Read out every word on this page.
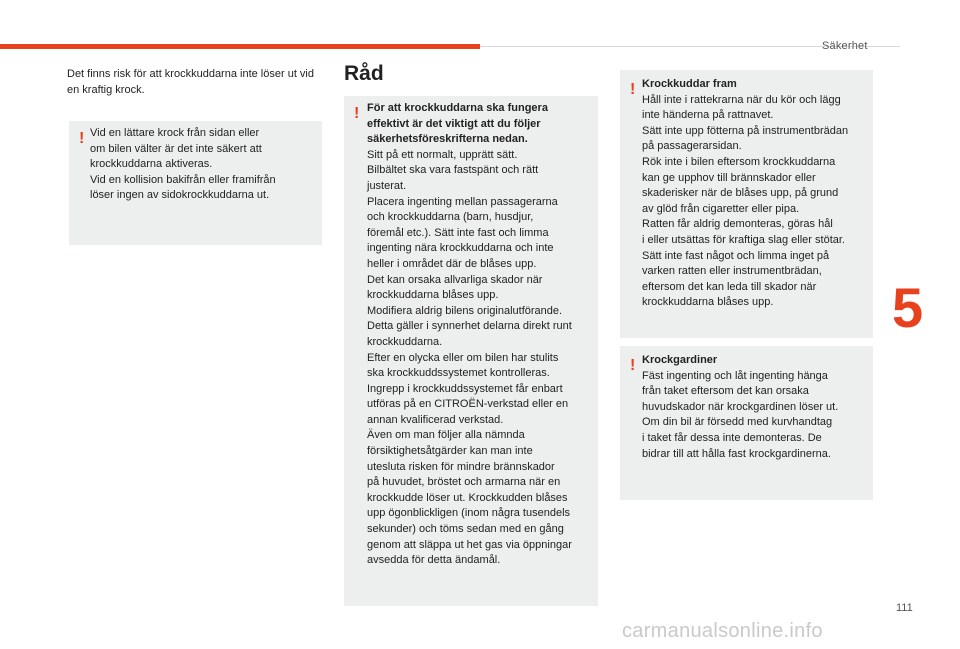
Säkerhet
5
111
carmanualsonline.info
Det finns risk för att krockkuddarna inte löser ut vid en kraftig krock.
! Vid en lättare krock från sidan eller
om bilen välter är det inte säkert att
krockkuddarna aktiveras.
Vid en kollision bakifrån eller framifrån
löser ingen av sidokrockkuddarna ut.
Råd
! För att krockkuddarna ska fungera
effektivt är det viktigt att du följer
säkerhetsföreskrifterna nedan.
Sitt på ett normalt, upprätt sätt.
Bilbältet ska vara fastspänt och rätt
justerat.
Placera ingenting mellan passagerarna
och krockkuddarna (barn, husdjur,
föremål etc.). Sätt inte fast och limma
ingenting nära krockkuddarna och inte
heller i området där de blåses upp.
Det kan orsaka allvarliga skador när
krockkuddarna blåses upp.
Modifiera aldrig bilens originalutförande.
Detta gäller i synnerhet delarna direkt runt
krockkuddarna.
Efter en olycka eller om bilen har stulits
ska krockkuddssystemet kontrolleras.
Ingrepp i krockkuddssystemet får enbart
utföras på en CITROËN-verkstad eller en
annan kvalificerad verkstad.
Även om man följer alla nämnda
försiktighetsåtgärder kan man inte
utesluta risken för mindre brännskador
på huvudet, bröstet och armarna när en
krockkudde löser ut. Krockkudden blåses
upp ögonblickligen (inom några tusendels
sekunder) och töms sedan med en gång
genom att släppa ut het gas via öppningar
avsedda för detta ändamål.
! Krockkuddar fram
Håll inte i rattekrarna när du kör och lägg
inte händerna på rattnavet.
Sätt inte upp fötterna på instrumentbrädan
på passagerarsidan.
Rök inte i bilen eftersom krockkuddarna
kan ge upphov till brännskador eller
skaderisker när de blåses upp, på grund
av glöd från cigaretter eller pipa.
Ratten får aldrig demonteras, göras hål
i eller utsättas för kraftiga slag eller stötar.
Sätt inte fast något och limma inget på
varken ratten eller instrumentbrädan,
eftersom det kan leda till skador när
krockkuddarna blåses upp.
! Krockgardiner
Fäst ingenting och låt ingenting hänga
från taket eftersom det kan orsaka
huvudskador när krockgardinen löser ut.
Om din bil är försedd med kurvhandtag
i taket får dessa inte demonteras. De
bidrar till att hålla fast krockgardinerna.
